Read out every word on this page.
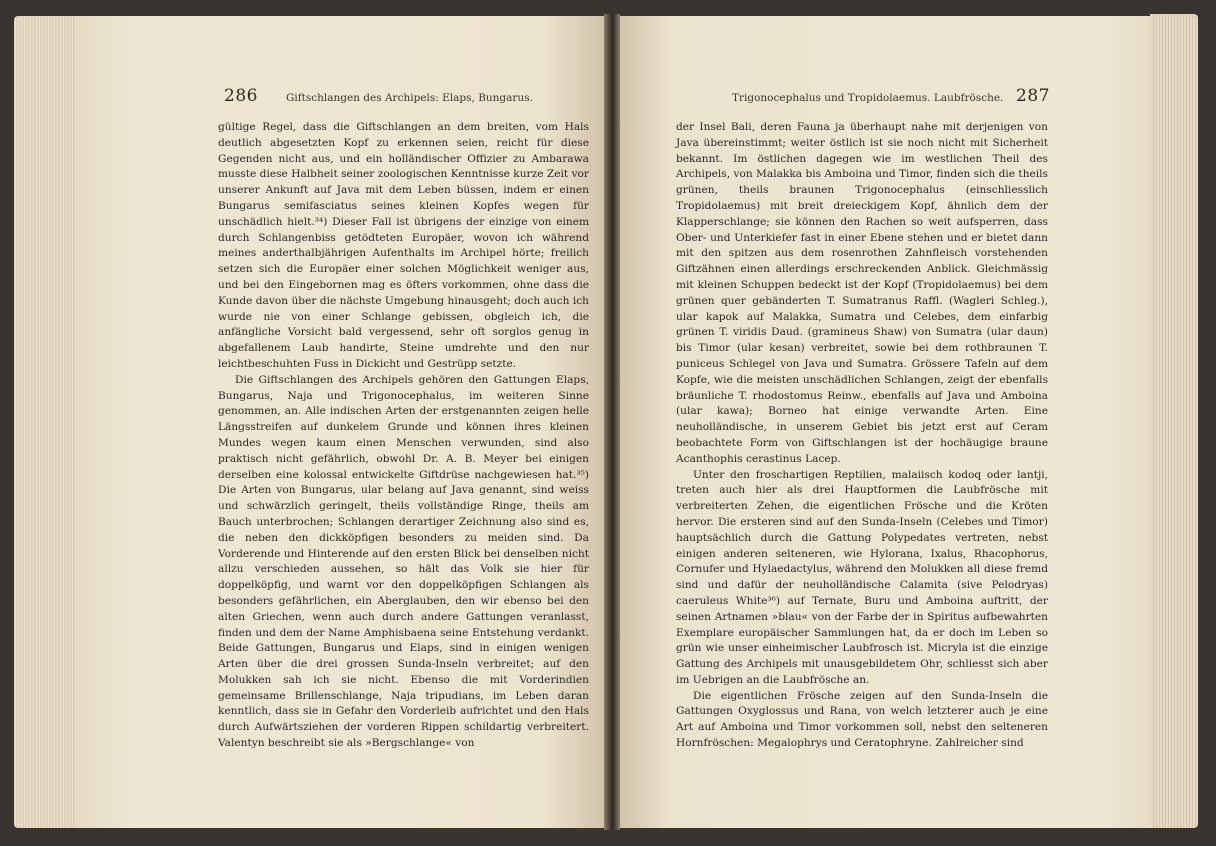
286	Giftschlangen des Archipels: Elaps, Bungarus.	Trigonocephalus und Tropidolaemus. Laubfrösche. 287

gültige Regel, dass die Giftschlangen an dem breiten, vom Hals deutlich abgesetzten Kopf zu erkennen seien, reicht für diese Gegenden nicht aus, und ein holländischer Offizier zu Ambarawa musste diese Halbheit seiner zoologischen Kenntnisse kurze Zeit vor unserer Ankunft auf Java mit dem Leben büssen, indem er einen Bungarus semifasciatus seines kleinen Kopfes wegen für unschädlich hielt.³⁴) Dieser Fall ist übrigens der einzige von einem durch Schlangenbiss getödteten Europäer, wovon ich während meines anderthalbjährigen Aufenthalts im Archipel hörte; freilich setzen sich die Europäer einer solchen Möglichkeit weniger aus, und bei den Eingebornen mag es öfters vorkommen, ohne dass die Kunde davon über die nächste Umgebung hinausgeht; doch auch ich wurde nie von einer Schlange gebissen, obgleich ich, die anfängliche Vorsicht bald vergessend, sehr oft sorglos genug in abgefallenem Laub handirte, Steine umdrehte und den nur leichtbeschuhten Fuss in Dickicht und Gestrüpp setzte.

Die Giftschlangen des Archipels gehören den Gattungen Elaps, Bungarus, Naja und Trigonocephalus, im weiteren Sinne genommen, an. Alle indischen Arten der erstgenannten zeigen helle Längsstreifen auf dunkelem Grunde und können ihres kleinen Mundes wegen kaum einen Menschen verwunden, sind also praktisch nicht gefährlich, obwohl Dr. A. B. Meyer bei einigen derselben eine kolossal entwickelte Giftdrüse nachgewiesen hat.³⁵) Die Arten von Bungarus, ular belang auf Java genannt, sind weiss und schwärzlich geringelt, theils vollständige Ringe, theils am Bauch unterbrochen; Schlangen derartiger Zeichnung also sind es, die neben den dickköpfigen besonders zu meiden sind. Da Vorderende und Hinterende auf den ersten Blick bei denselben nicht allzu verschieden aussehen, so hält das Volk sie hier für doppelköpfig, und warnt vor den doppelköpfigen Schlangen als besonders gefährlichen, ein Aberglauben, den wir ebenso bei den alten Griechen, wenn auch durch andere Gattungen veranlasst, finden und dem der Name Amphisbaena seine Entstehung verdankt. Beide Gattungen, Bungarus und Elaps, sind in einigen wenigen Arten über die drei grossen Sunda-Inseln verbreitet; auf den Molukken sah ich sie nicht. Ebenso die mit Vorderindien gemeinsame Brillenschlange, Naja tripudians, im Leben daran kenntlich, dass sie in Gefahr den Vorderleib aufrichtet und den Hals durch Aufwärtsziehen der vorderen Rippen schildartig verbreitert. Valentyn beschreibt sie als »Bergschlange« von

der Insel Bali, deren Fauna ja überhaupt nahe mit derjenigen von Java übereinstimmt; weiter östlich ist sie noch nicht mit Sicherheit bekannt. Im östlichen dagegen wie im westlichen Theil des Archipels, von Malakka bis Amboina und Timor, finden sich die theils grünen, theils braunen Trigonocephalus (einschliesslich Tropidolaemus) mit breit dreieckigem Kopf, ähnlich dem der Klapperschlange; sie können den Rachen so weit aufsperren, dass Ober- und Unterkiefer fast in einer Ebene stehen und er bietet dann mit den spitzen aus dem rosenrothen Zahnfleisch vorstehenden Giftzähnen einen allerdings erschreckenden Anblick. Gleichmässig mit kleinen Schuppen bedeckt ist der Kopf (Tropidolaemus) bei dem grünen quer gebänderten T. Sumatranus Raffl. (Wagleri Schleg.), ular kapok auf Malakka, Sumatra und Celebes, dem einfarbig grünen T. viridis Daud. (gramineus Shaw) von Sumatra (ular daun) bis Timor (ular kesan) verbreitet, sowie bei dem rothbraunen T. puniceus Schlegel von Java und Sumatra. Grössere Tafeln auf dem Kopfe, wie die meisten unschädlichen Schlangen, zeigt der ebenfalls bräunliche T. rhodostomus Reinw., ebenfalls auf Java und Amboina (ular kawa); Borneo hat einige verwandte Arten. Eine neuholländische, in unserem Gebiet bis jetzt erst auf Ceram beobachtete Form von Giftschlangen ist der hochäugige braune Acanthophis cerastinus Lacep.

Unter den froschartigen Reptilien, malaiisch kodoq oder lantji, treten auch hier als drei Hauptformen die Laubfrösche mit verbreiterten Zehen, die eigentlichen Frösche und die Kröten hervor. Die ersteren sind auf den Sunda-Inseln (Celebes und Timor) hauptsächlich durch die Gattung Polypedates vertreten, nebst einigen anderen selteneren, wie Hylorana, Ixalus, Rhacophorus, Cornufer und Hylaedactylus, während den Molukken all diese fremd sind und dafür der neuholländische Calamita (sive Pelodryas) caeruleus White³⁶) auf Ternate, Buru und Amboina auftritt, der seinen Artnamen »blau« von der Farbe der in Spiritus aufbewahrten Exemplare europäischer Sammlungen hat, da er doch im Leben so grün wie unser einheimischer Laubfrosch ist. Micryla ist die einzige Gattung des Archipels mit unausgebildetem Ohr, schliesst sich aber im Uebrigen an die Laubfrösche an.

Die eigentlichen Frösche zeigen auf den Sunda-Inseln die Gattungen Oxyglossus und Rana, von welch letzterer auch je eine Art auf Amboina und Timor vorkommen soll, nebst den selteneren Hornfröschen: Megalophrys und Ceratophryne. Zahlreicher sind
